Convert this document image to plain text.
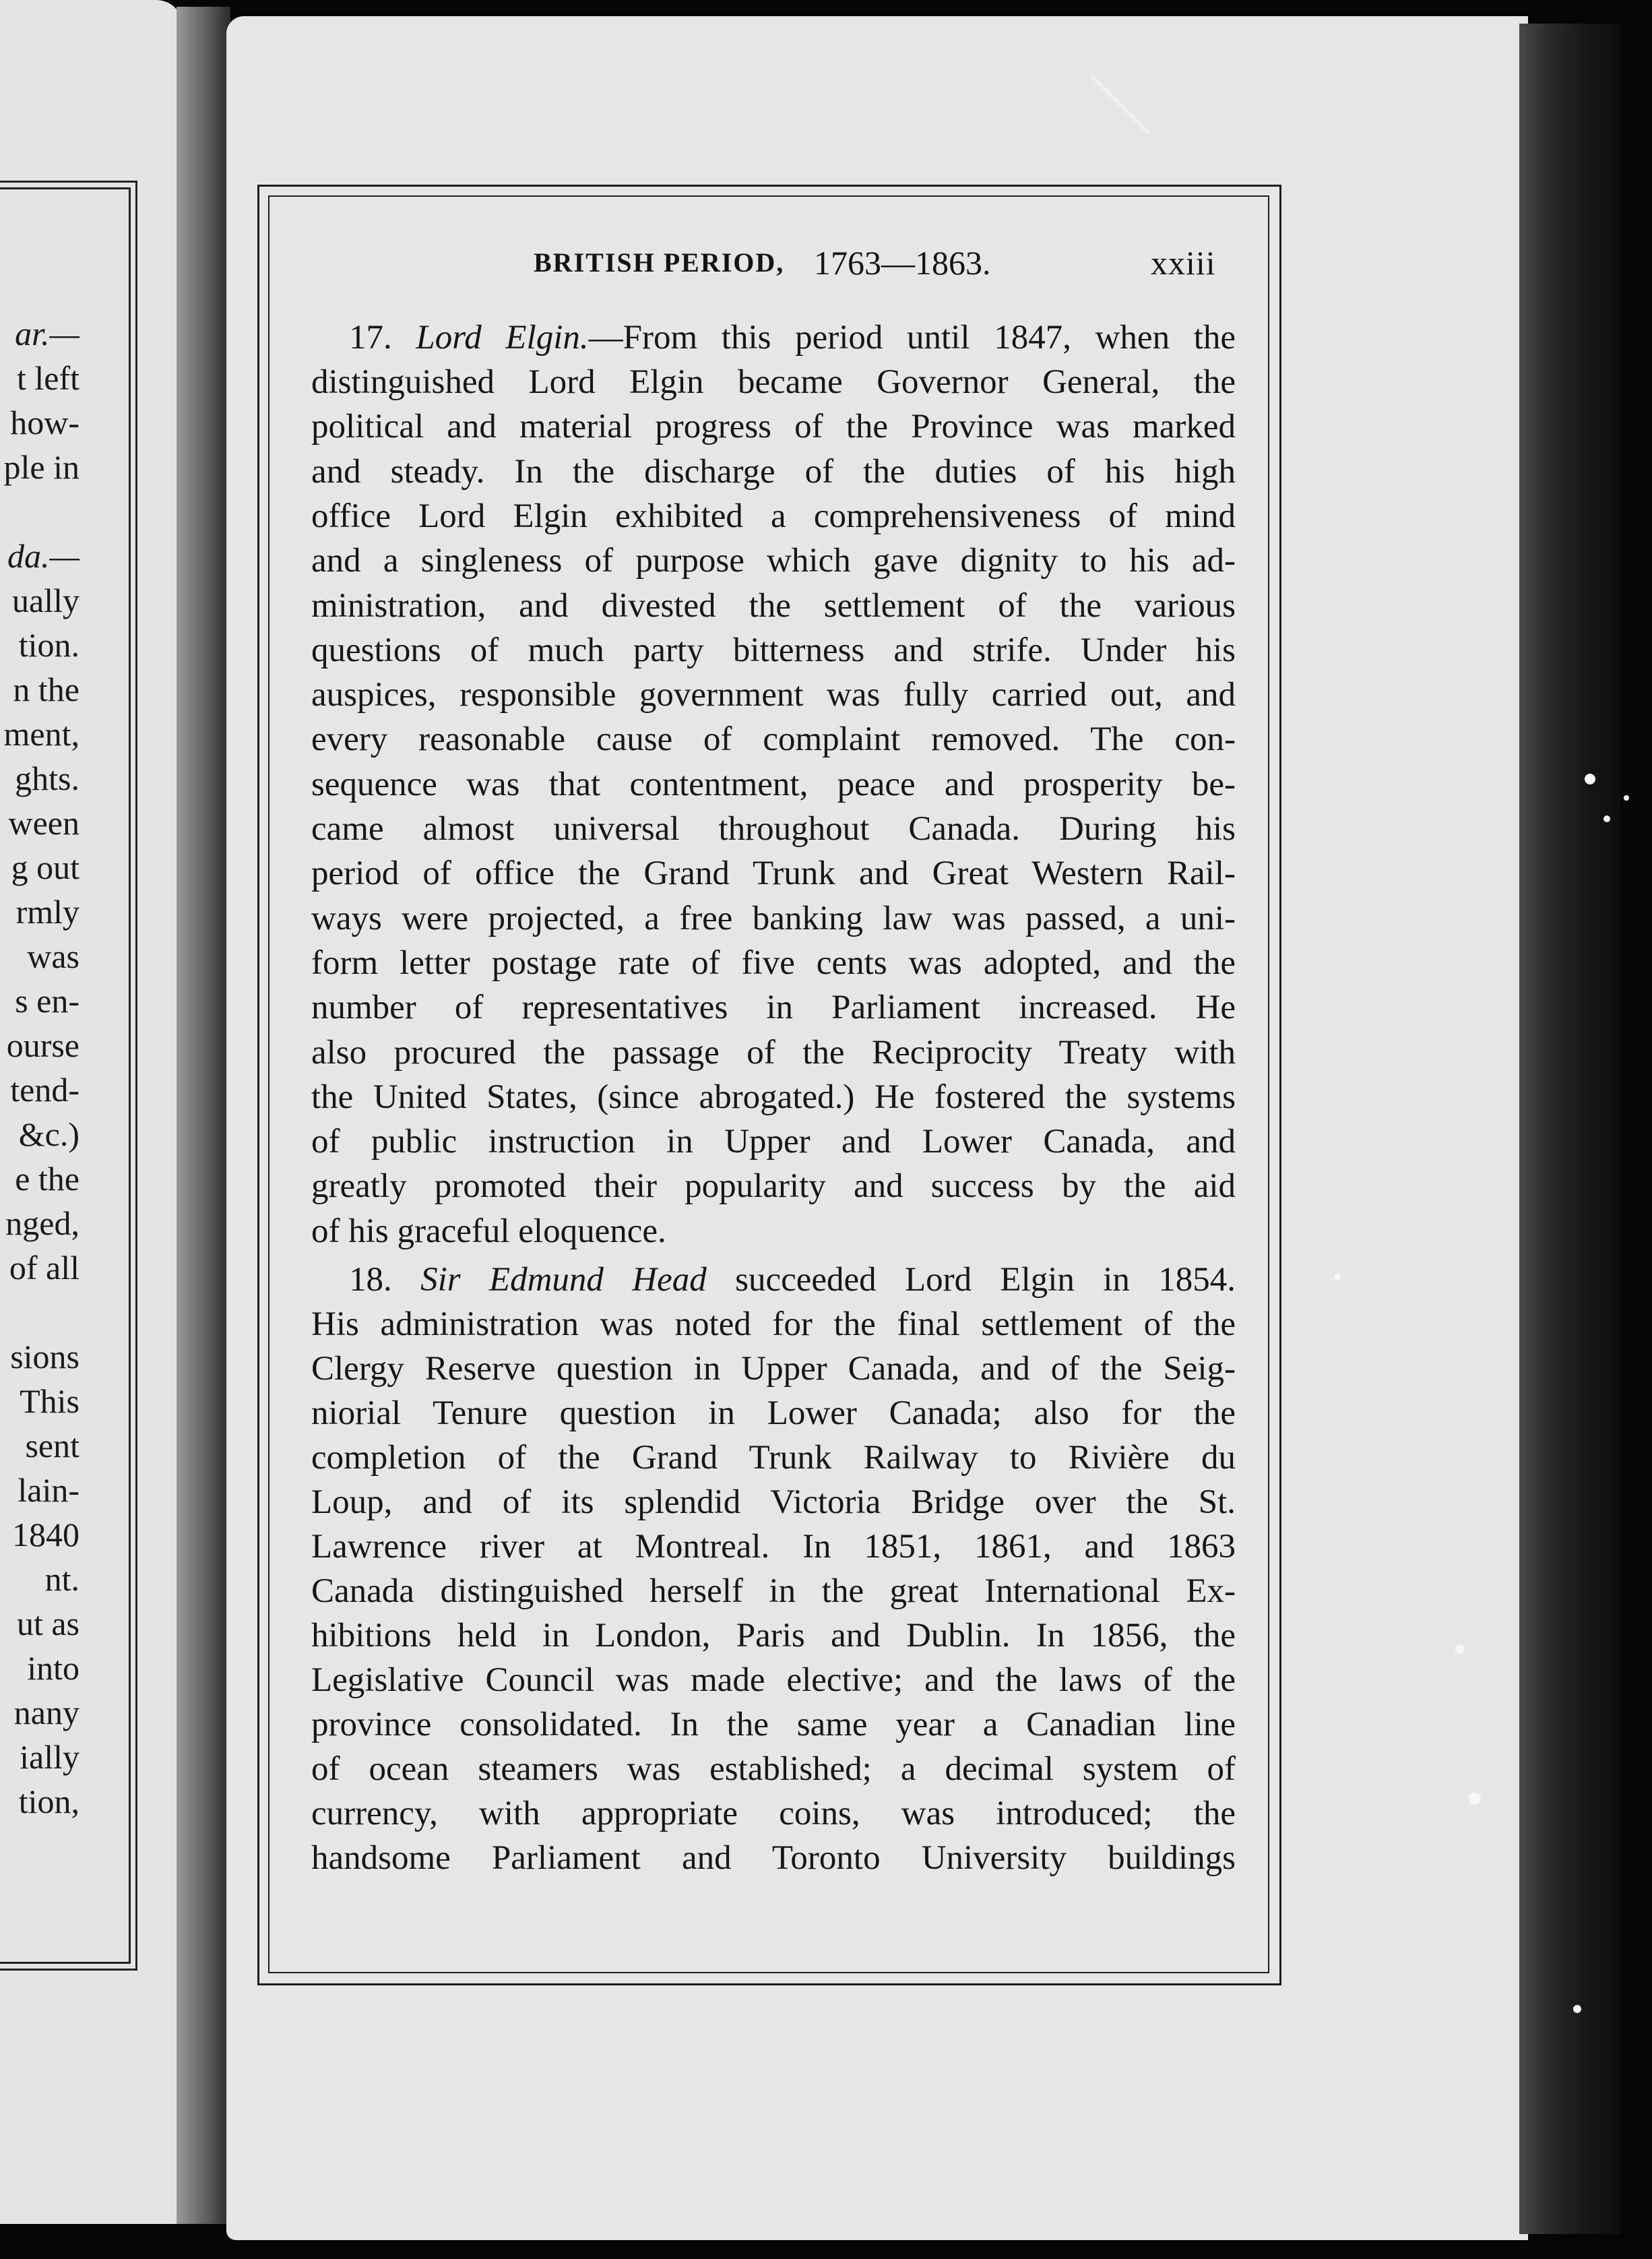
ar.—
t left
how-
ple in
da.—
ually
tion.
n the
ment,
ghts.
ween
g out
rmly
was
s en-
ourse
tend-
&c.)
e the
nged,
of all
sions
This
sent
lain-
1840
nt.
ut as
into
nany
ially
tion,
BRITISH PERIOD, 1763—1863.	xxiii
17. Lord Elgin.—From this period until 1847, when the
distinguished Lord Elgin became Governor General, the
political and material progress of the Province was marked
and steady. In the discharge of the duties of his high
office Lord Elgin exhibited a comprehensiveness of mind
and a singleness of purpose which gave dignity to his ad-
ministration, and divested the settlement of the various
questions of much party bitterness and strife. Under his
auspices, responsible government was fully carried out, and
every reasonable cause of complaint removed. The con-
sequence was that contentment, peace and prosperity be-
came almost universal throughout Canada. During his
period of office the Grand Trunk and Great Western Rail-
ways were projected, a free banking law was passed, a uni-
form letter postage rate of five cents was adopted, and the
number of representatives in Parliament increased. He
also procured the passage of the Reciprocity Treaty with
the United States, (since abrogated.) He fostered the systems
of public instruction in Upper and Lower Canada, and
greatly promoted their popularity and success by the aid
of his graceful eloquence.
18. Sir Edmund Head succeeded Lord Elgin in 1854.
His administration was noted for the final settlement of the
Clergy Reserve question in Upper Canada, and of the Seig-
niorial Tenure question in Lower Canada; also for the
completion of the Grand Trunk Railway to Rivière du
Loup, and of its splendid Victoria Bridge over the St.
Lawrence river at Montreal. In 1851, 1861, and 1863
Canada distinguished herself in the great International Ex-
hibitions held in London, Paris and Dublin. In 1856, the
Legislative Council was made elective; and the laws of the
province consolidated. In the same year a Canadian line
of ocean steamers was established; a decimal system of
currency, with appropriate coins, was introduced; the
handsome Parliament and Toronto University buildings
